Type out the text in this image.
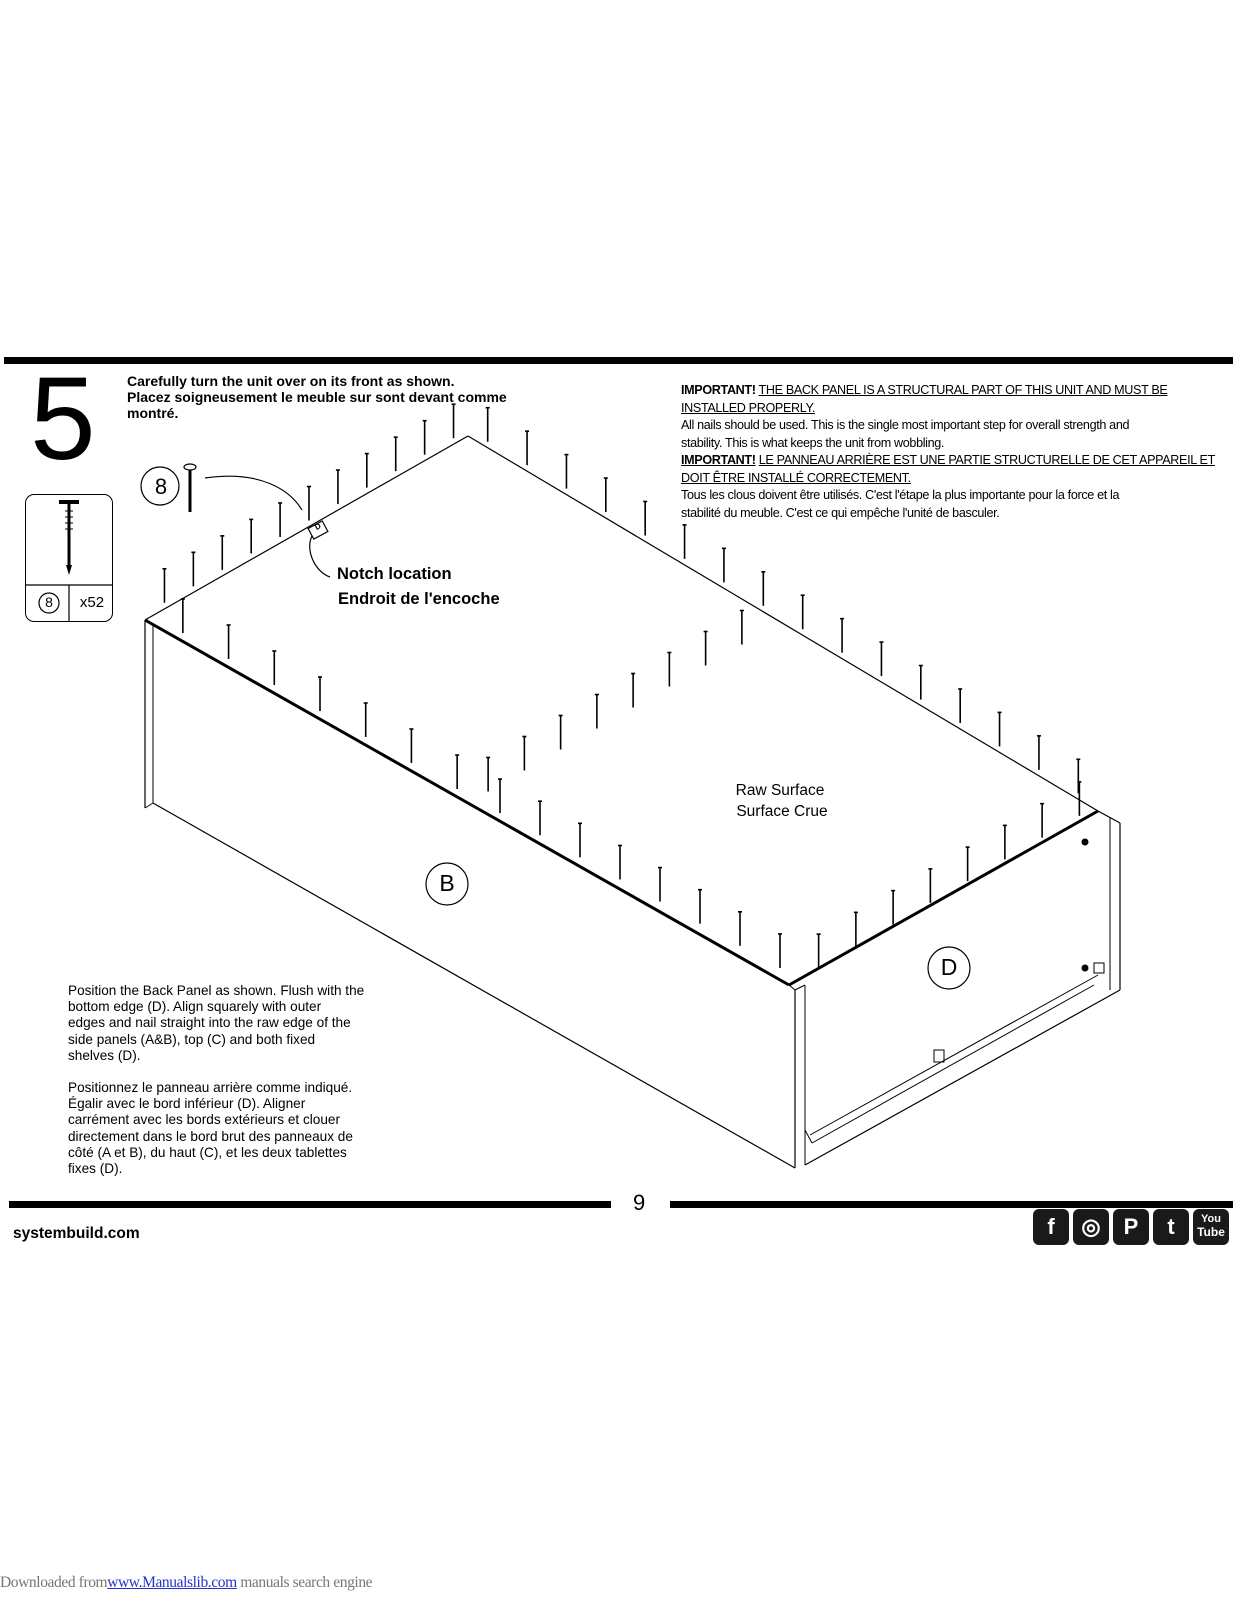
5 Carefully turn the unit over on its front as shown.
Placez soigneusement le meuble sur sont devant comme
montré.
8	x52
IMPORTANT! THE BACK PANEL IS A STRUCTURAL PART OF THIS UNIT AND MUST BE
INSTALLED PROPERLY.
All nails should be used. This is the single most important step for overall strength and
stability. This is what keeps the unit from wobbling.
IMPORTANT! LE PANNEAU ARRIÈRE EST UNE PARTIE STRUCTURELLE DE CET APPAREIL ET
DOIT ÊTRE INSTALLÉ CORRECTEMENT.
Tous les clous doivent être utilisés. C'est l'étape la plus importante pour la force et la
stabilité du meuble. C'est ce qui empêche l'unité de basculer.
8
D
Notch location
Endroit de l'encoche
Raw Surface
Surface Crue
B
D
Position the Back Panel as shown. Flush with the
bottom edge (D). Align squarely with outer
edges and nail straight into the raw edge of the
side panels (A&B), top (C) and both fixed
shelves (D).
Positionnez le panneau arrière comme indiqué.
Égalir avec le bord inférieur (D). Aligner
carrément avec les bords extérieurs et clouer
directement dans le bord brut des panneaux de
côté (A et B), du haut (C), et les deux tablettes
fixes (D).
9
systembuild.com	f	◎	P	t	You
Tube
Downloaded fromwww.Manualslib.com manuals search engine
